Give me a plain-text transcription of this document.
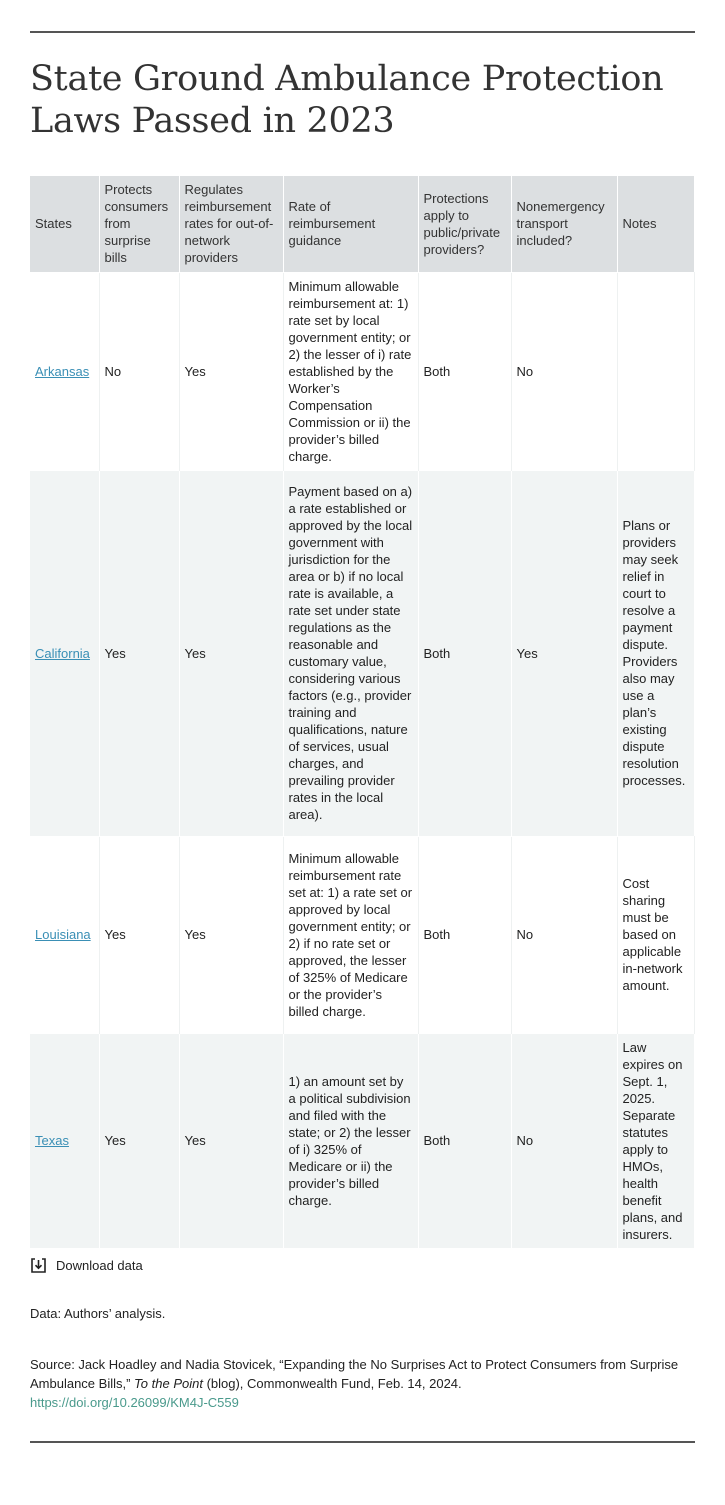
State Ground Ambulance Protection Laws Passed in 2023
States	Protects consumers from surprise bills	Regulates reimbursement rates for out-of-network providers	Rate of reimbursement guidance	Protections apply to public/private providers?	Nonemergency transport included?	Notes
Arkansas	No	Yes	Minimum allowable reimbursement at: 1) rate set by local government entity; or 2) the lesser of i) rate established by the Worker’s Compensation Commission or ii) the provider’s billed charge.	Both	No	
California	Yes	Yes	Payment based on a) a rate established or approved by the local government with jurisdiction for the area or b) if no local rate is available, a rate set under state regulations as the reasonable and customary value, considering various factors (e.g., provider training and qualifications, nature of services, usual charges, and prevailing provider rates in the local area).	Both	Yes	Plans or providers may seek relief in court to resolve a payment dispute. Providers also may use a plan’s existing dispute resolution processes.
Louisiana	Yes	Yes	Minimum allowable reimbursement rate set at: 1) a rate set or approved by local government entity; or 2) if no rate set or approved, the lesser of 325% of Medicare or the provider’s billed charge.	Both	No	Cost sharing must be based on applicable in-network amount.
Texas	Yes	Yes	1) an amount set by a political subdivision and filed with the state; or 2) the lesser of i) 325% of Medicare or ii) the provider’s billed charge.	Both	No	Law expires on Sept. 1, 2025. Separate statutes apply to HMOs, health benefit plans, and insurers.
Download data
Data: Authors’ analysis.
Source: Jack Hoadley and Nadia Stovicek, “Expanding the No Surprises Act to Protect Consumers from Surprise Ambulance Bills,” To the Point (blog), Commonwealth Fund, Feb. 14, 2024.
https://doi.org/10.26099/KM4J-C559
